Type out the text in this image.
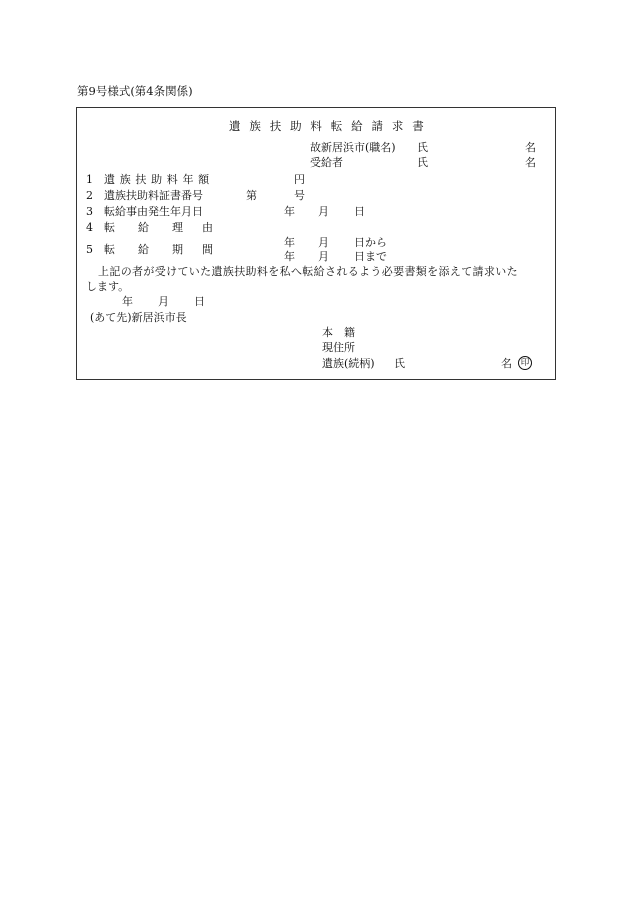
第9号様式(第4条関係)
遺 族 扶 助 料 転 給 請 求 書
故新居浜市(職名) 氏	名
受給者	氏	名
1 遺 族 扶 助 料 年 額	円
2 遺族扶助料証書番号	第	号
3 転給事由発生年月日	年 月 日
4 転 給 理 由
5 転 給 期 間
年 月 日から
年 月 日まで
上記の者が受けていた遺族扶助料を私へ転給されるよう必要書類を添えて請求いた
します。
年 月 日
(あて先)新居浜市長
本　籍
現住所
遺族(続柄) 氏	名	印
